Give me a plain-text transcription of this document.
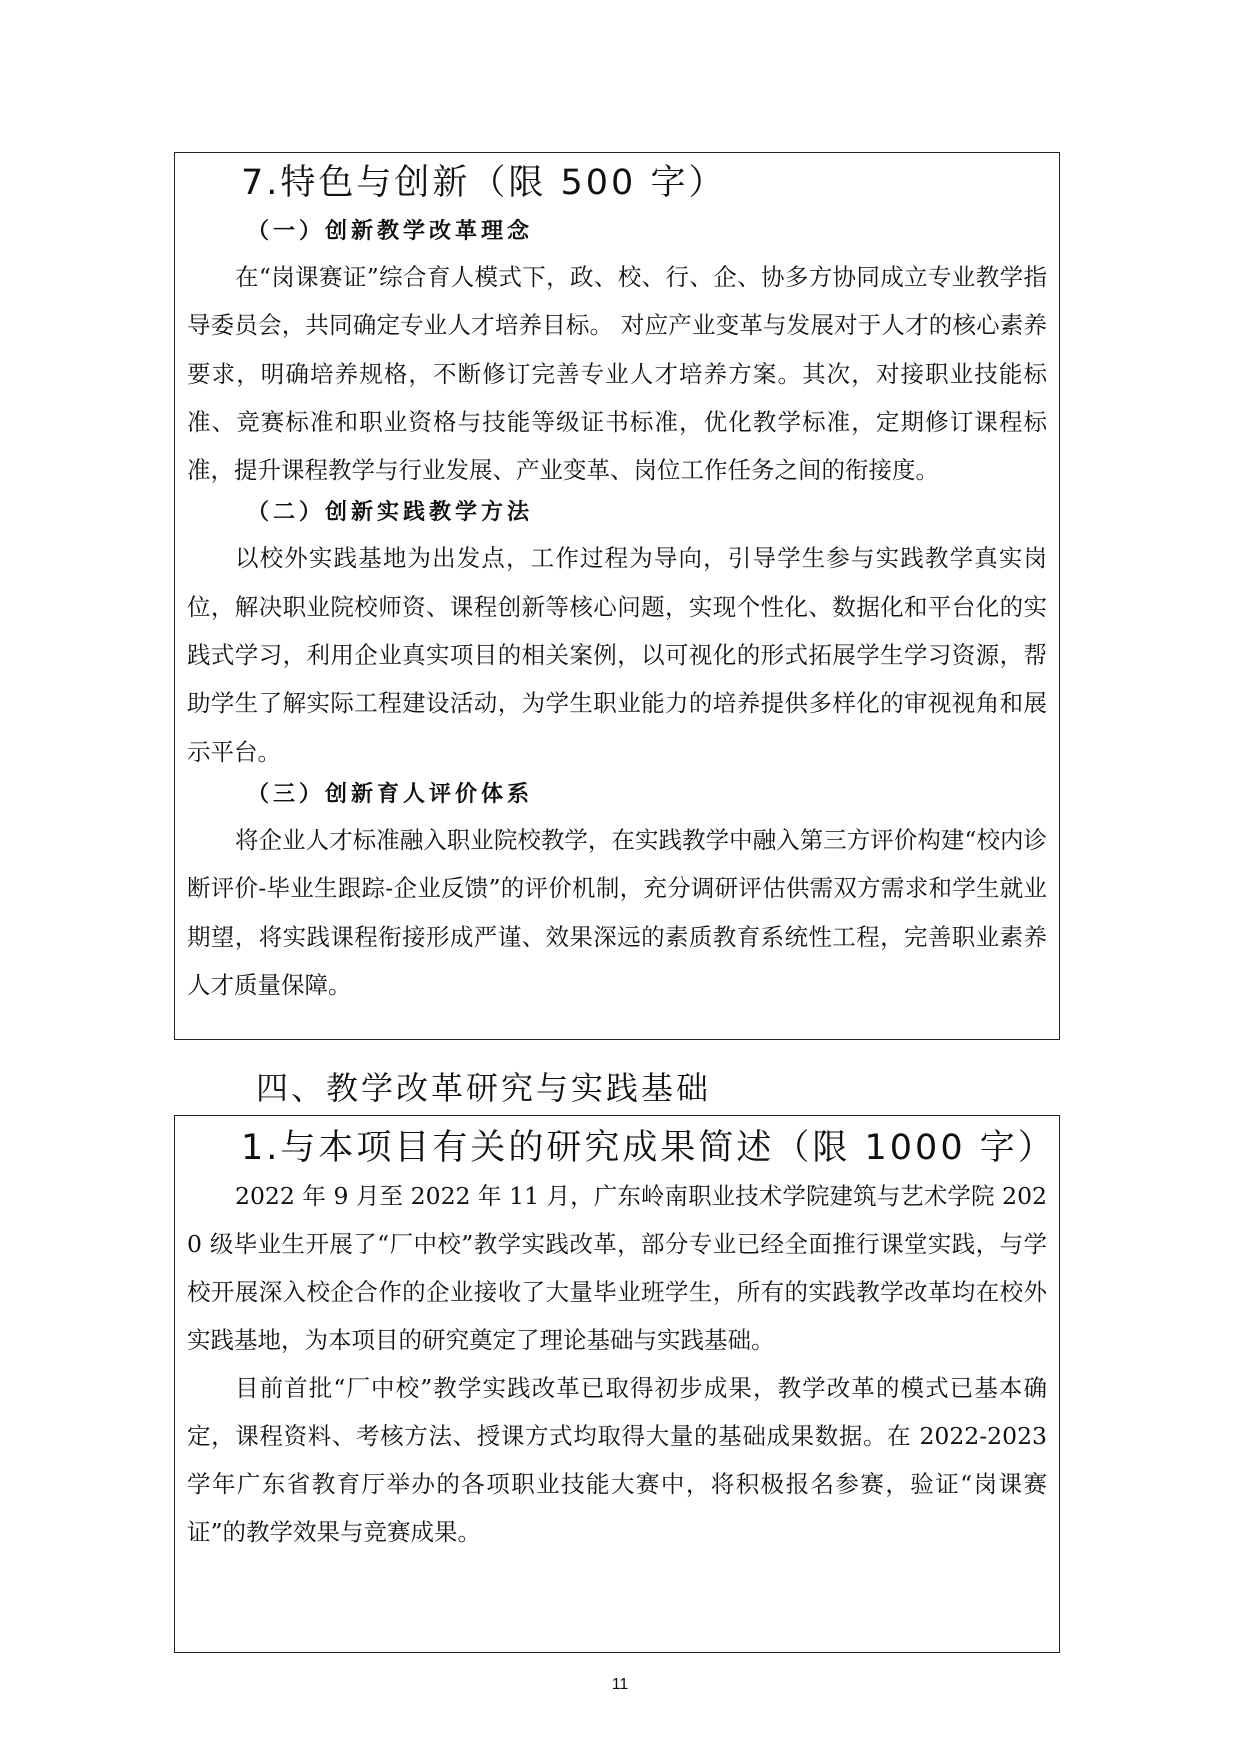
7.特色与创新（限 500 字）

（一）创新教学改革理念

在“岗课赛证”综合育人模式下，政、校、行、企、协多方协同成立专业教学指导委员会，共同确定专业人才培养目标。 对应产业变革与发展对于人才的核心素养要求，明确培养规格，不断修订完善专业人才培养方案。其次，对接职业技能标准、竞赛标准和职业资格与技能等级证书标准，优化教学标准，定期修订课程标准，提升课程教学与行业发展、产业变革、岗位工作任务之间的衔接度。

（二）创新实践教学方法

以校外实践基地为出发点，工作过程为导向，引导学生参与实践教学真实岗位，解决职业院校师资、课程创新等核心问题，实现个性化、数据化和平台化的实践式学习，利用企业真实项目的相关案例，以可视化的形式拓展学生学习资源，帮助学生了解实际工程建设活动，为学生职业能力的培养提供多样化的审视视角和展示平台。

（三）创新育人评价体系

将企业人才标准融入职业院校教学，在实践教学中融入第三方评价构建“校内诊断评价-毕业生跟踪-企业反馈”的评价机制，充分调研评估供需双方需求和学生就业期望，将实践课程衔接形成严谨、效果深远的素质教育系统性工程，完善职业素养人才质量保障。

四、教学改革研究与实践基础

1.与本项目有关的研究成果简述（限 1000 字）

2022 年 9 月至 2022 年 11 月，广东岭南职业技术学院建筑与艺术学院 2020 级毕业生开展了“厂中校”教学实践改革，部分专业已经全面推行课堂实践，与学校开展深入校企合作的企业接收了大量毕业班学生，所有的实践教学改革均在校外实践基地，为本项目的研究奠定了理论基础与实践基础。

目前首批“厂中校”教学实践改革已取得初步成果，教学改革的模式已基本确定，课程资料、考核方法、授课方式均取得大量的基础成果数据。在 2022-2023 学年广东省教育厅举办的各项职业技能大赛中，将积极报名参赛，验证“岗课赛证”的教学效果与竞赛成果。

11
